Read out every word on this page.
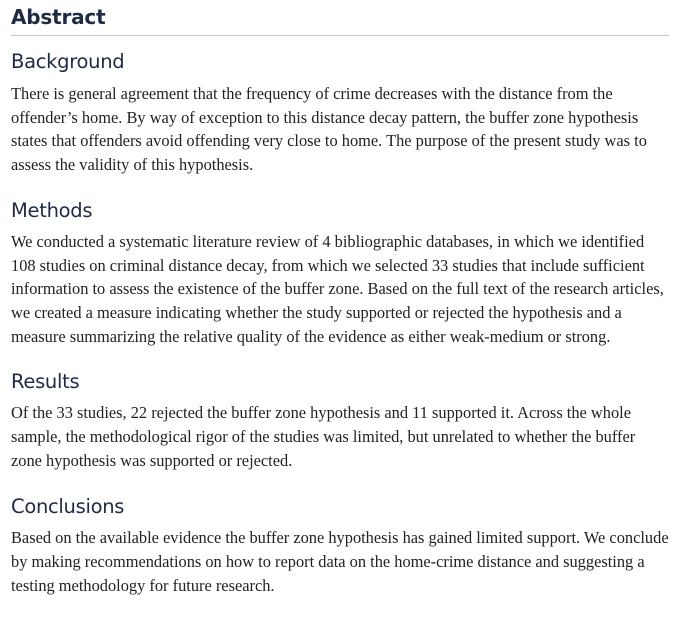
Abstract
Background

There is general agreement that the frequency of crime decreases with the distance from the offender’s home. By way of exception to this distance decay pattern, the buffer zone hypothesis states that offenders avoid offending very close to home. The purpose of the present study was to assess the validity of this hypothesis.

Methods

We conducted a systematic literature review of 4 bibliographic databases, in which we identified 108 studies on criminal distance decay, from which we selected 33 studies that include sufficient information to assess the existence of the buffer zone. Based on the full text of the research articles, we created a measure indicating whether the study supported or rejected the hypothesis and a measure summarizing the relative quality of the evidence as either weak-medium or strong.

Results

Of the 33 studies, 22 rejected the buffer zone hypothesis and 11 supported it. Across the whole sample, the methodological rigor of the studies was limited, but unrelated to whether the buffer zone hypothesis was supported or rejected.

Conclusions

Based on the available evidence the buffer zone hypothesis has gained limited support. We conclude by making recommendations on how to report data on the home-crime distance and suggesting a testing methodology for future research.
